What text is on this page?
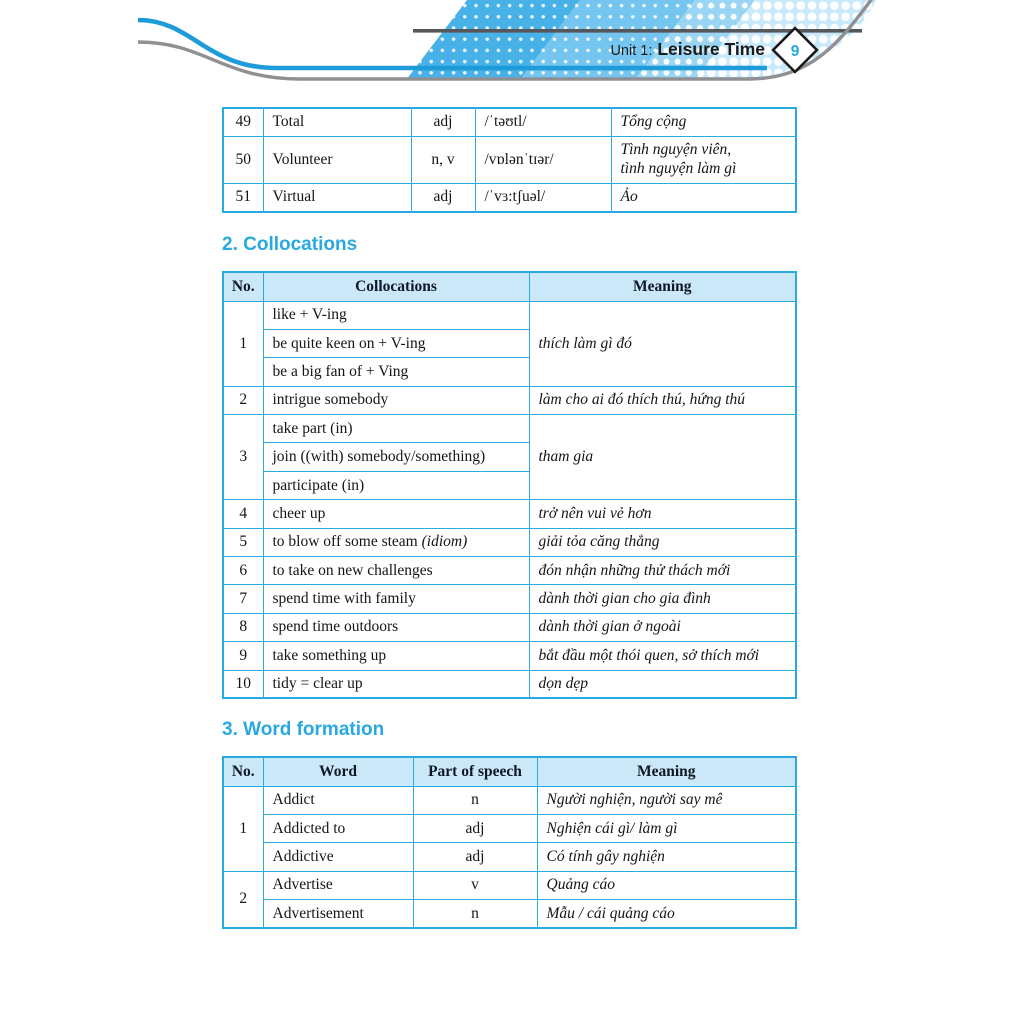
9
Unit 1: Leisure Time
49	Total	adj	/ˈtəʊtl/	Tổng cộng
50	Volunteer	n, v	/vɒlənˈtɪər/	Tình nguyện viên,
tình nguyện làm gì
51	Virtual	adj	/ˈvɜ:tʃuəl/	Ảo
2. Collocations
No.	Collocations	Meaning
1	like + V-ing	thích làm gì đó
	be quite keen on + V-ing	
	be a big fan of + Ving	
2	intrigue somebody	làm cho ai đó thích thú, hứng thú
3	take part (in)	tham gia
	join ((with) somebody/something)	
	participate (in)	
4	cheer up	trở nên vui vẻ hơn
5	to blow off some steam (idiom)	giải tỏa căng thẳng
6	to take on new challenges	đón nhận những thử thách mới
7	spend time with family	dành thời gian cho gia đình
8	spend time outdoors	dành thời gian ở ngoài
9	take something up	bắt đầu một thói quen, sở thích mới
10	tidy = clear up	dọn dẹp
3. Word formation
No.	Word	Part of speech	Meaning
1	Addict	n	Người nghiện, người say mê
	Addicted to	adj	Nghiện cái gì/ làm gì
	Addictive	adj	Có tính gây nghiện
2	Advertise	v	Quảng cáo
	Advertisement	n	Mẫu / cái quảng cáo
